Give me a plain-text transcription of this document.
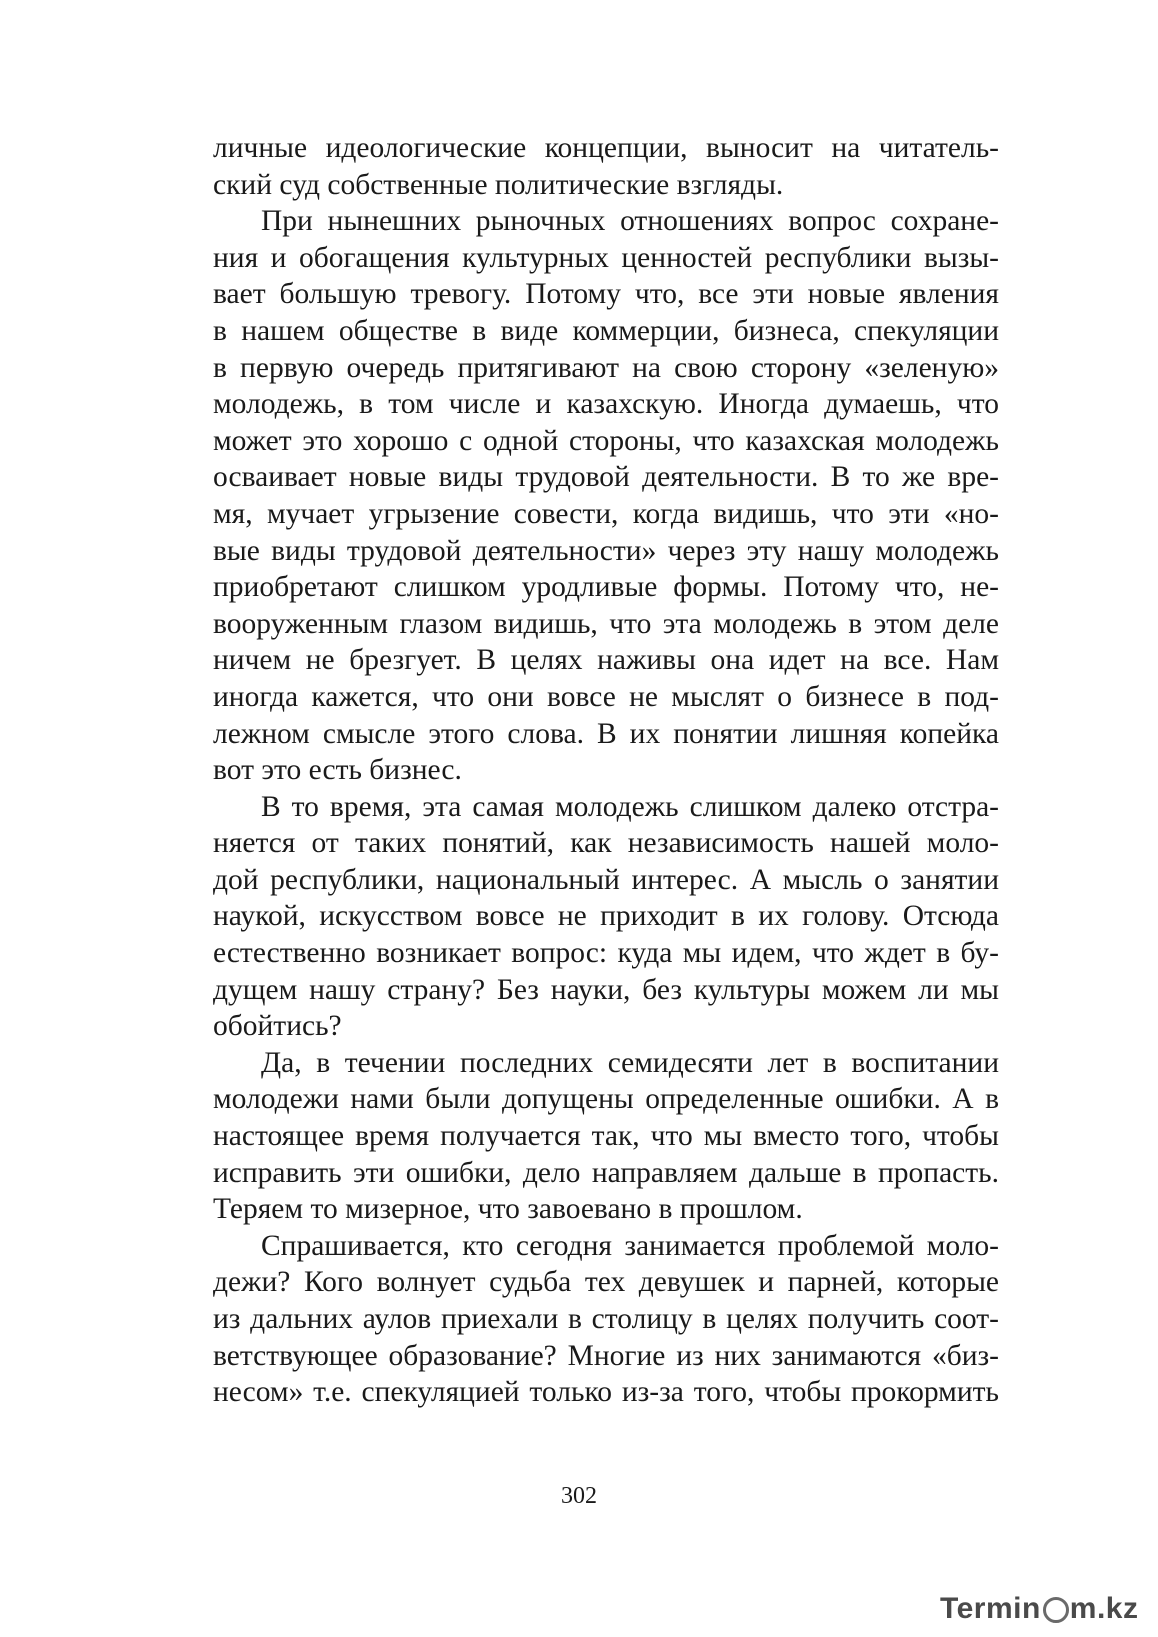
личные идеологические концепции, выносит на читатель-
ский суд собственные политические взгляды.
При нынешних рыночных отношениях вопрос сохране-
ния и обогащения культурных ценностей республики вызы-
вает большую тревогу. Потому что, все эти новые явления
в нашем обществе в виде коммерции, бизнеса, спекуляции
в первую очередь притягивают на свою сторону «зеленую»
молодежь, в том числе и казахскую. Иногда думаешь, что
может это хорошо с одной стороны, что казахская молодежь
осваивает новые виды трудовой деятельности. В то же вре-
мя, мучает угрызение совести, когда видишь, что эти «но-
вые виды трудовой деятельности» через эту нашу молодежь
приобретают слишком уродливые формы. Потому что, не-
вооруженным глазом видишь, что эта молодежь в этом деле
ничем не брезгует. В целях наживы она идет на все. Нам
иногда кажется, что они вовсе не мыслят о бизнесе в под-
лежном смысле этого слова. В их понятии лишняя копейка
вот это есть бизнес.
В то время, эта самая молодежь слишком далеко отстра-
няется от таких понятий, как независимость нашей моло-
дой республики, национальный интерес. А мысль о занятии
наукой, искусством вовсе не приходит в их голову. Отсюда
естественно возникает вопрос: куда мы идем, что ждет в бу-
дущем нашу страну? Без науки, без культуры можем ли мы
обойтись?
Да, в течении последних семидесяти лет в воспитании
молодежи нами были допущены определенные ошибки. А в
настоящее время получается так, что мы вместо того, чтобы
исправить эти ошибки, дело направляем дальше в пропасть.
Теряем то мизерное, что завоевано в прошлом.
Спрашивается, кто сегодня занимается проблемой моло-
дежи? Кого волнует судьба тех девушек и парней, которые
из дальних аулов приехали в столицу в целях получить соот-
ветствующее образование? Многие из них занимаются «биз-
несом» т.е. спекуляцией только из-за того, чтобы прокормить
302
Termin m.kz
